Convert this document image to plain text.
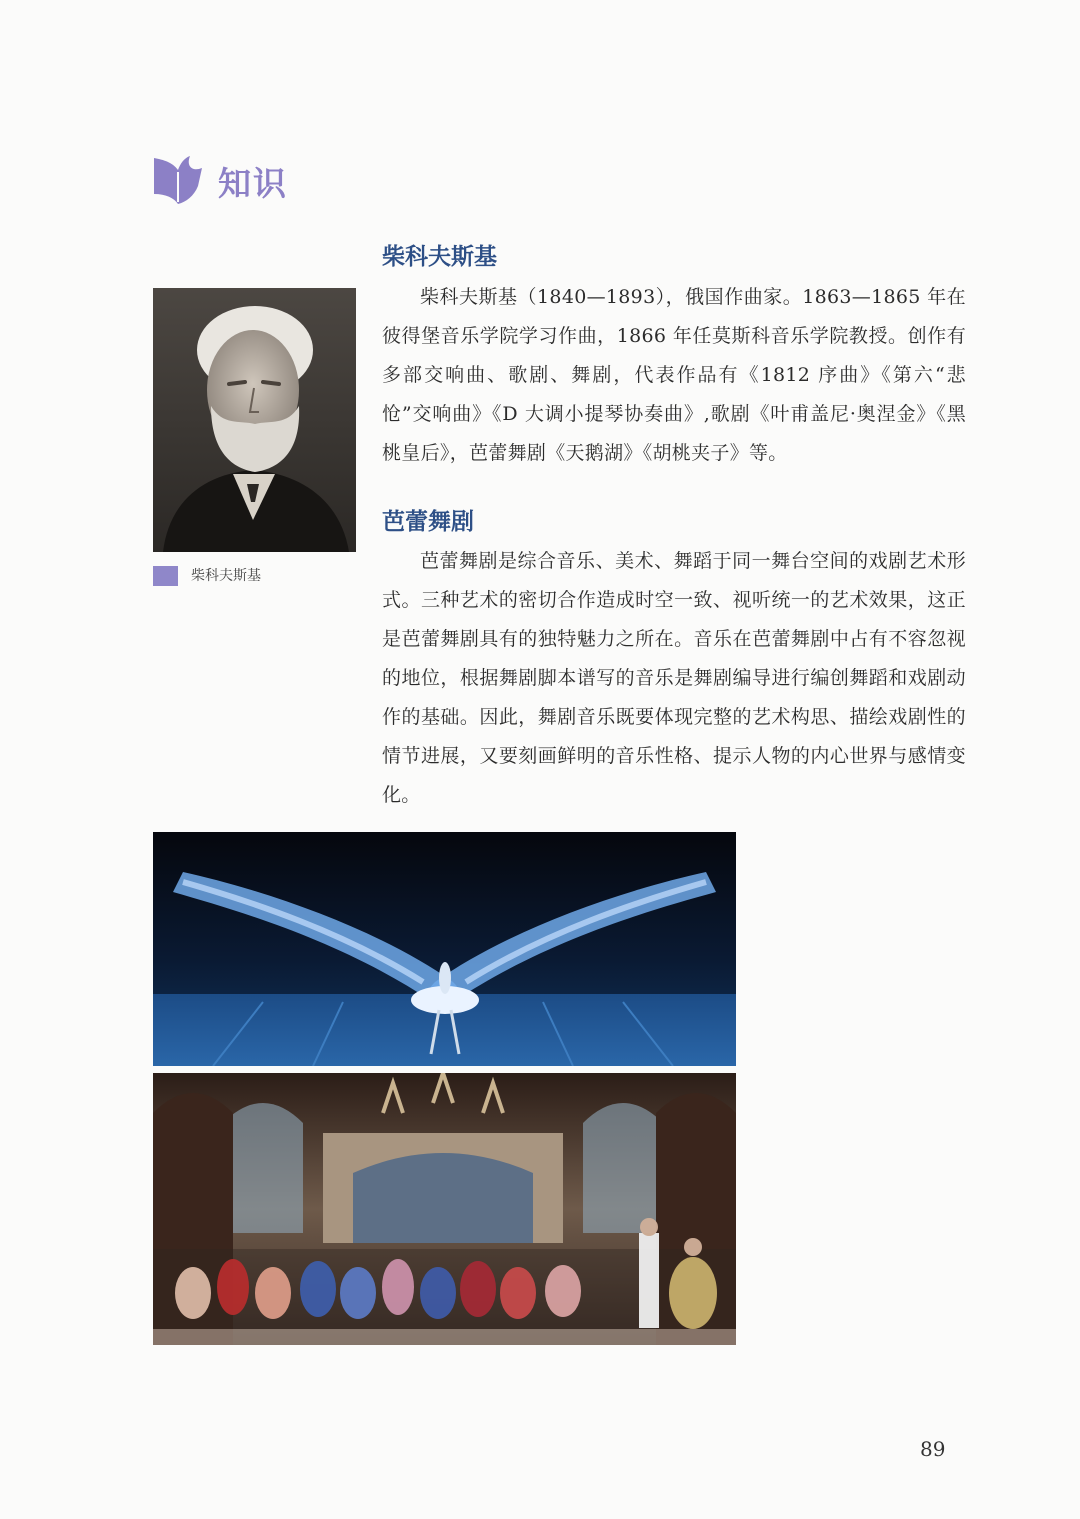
知识
柴科夫斯基
柴科夫斯基
柴科夫斯基（1840—1893），俄国作曲家。1863—1865 年在彼得堡音乐学院学习作曲，1866 年任莫斯科音乐学院教授。创作有多部交响曲、歌剧、舞剧，代表作品有《1812 序曲》《第六“悲怆”交响曲》《D 大调小提琴协奏曲》,歌剧《叶甫盖尼·奥涅金》《黑桃皇后》，芭蕾舞剧《天鹅湖》《胡桃夹子》等。
芭蕾舞剧
芭蕾舞剧是综合音乐、美术、舞蹈于同一舞台空间的戏剧艺术形式。三种艺术的密切合作造成时空一致、视听统一的艺术效果，这正是芭蕾舞剧具有的独特魅力之所在。音乐在芭蕾舞剧中占有不容忽视的地位，根据舞剧脚本谱写的音乐是舞剧编导进行编创舞蹈和戏剧动作的基础。因此，舞剧音乐既要体现完整的艺术构思、描绘戏剧性的情节进展，又要刻画鲜明的音乐性格、提示人物的内心世界与感情变化。
89
